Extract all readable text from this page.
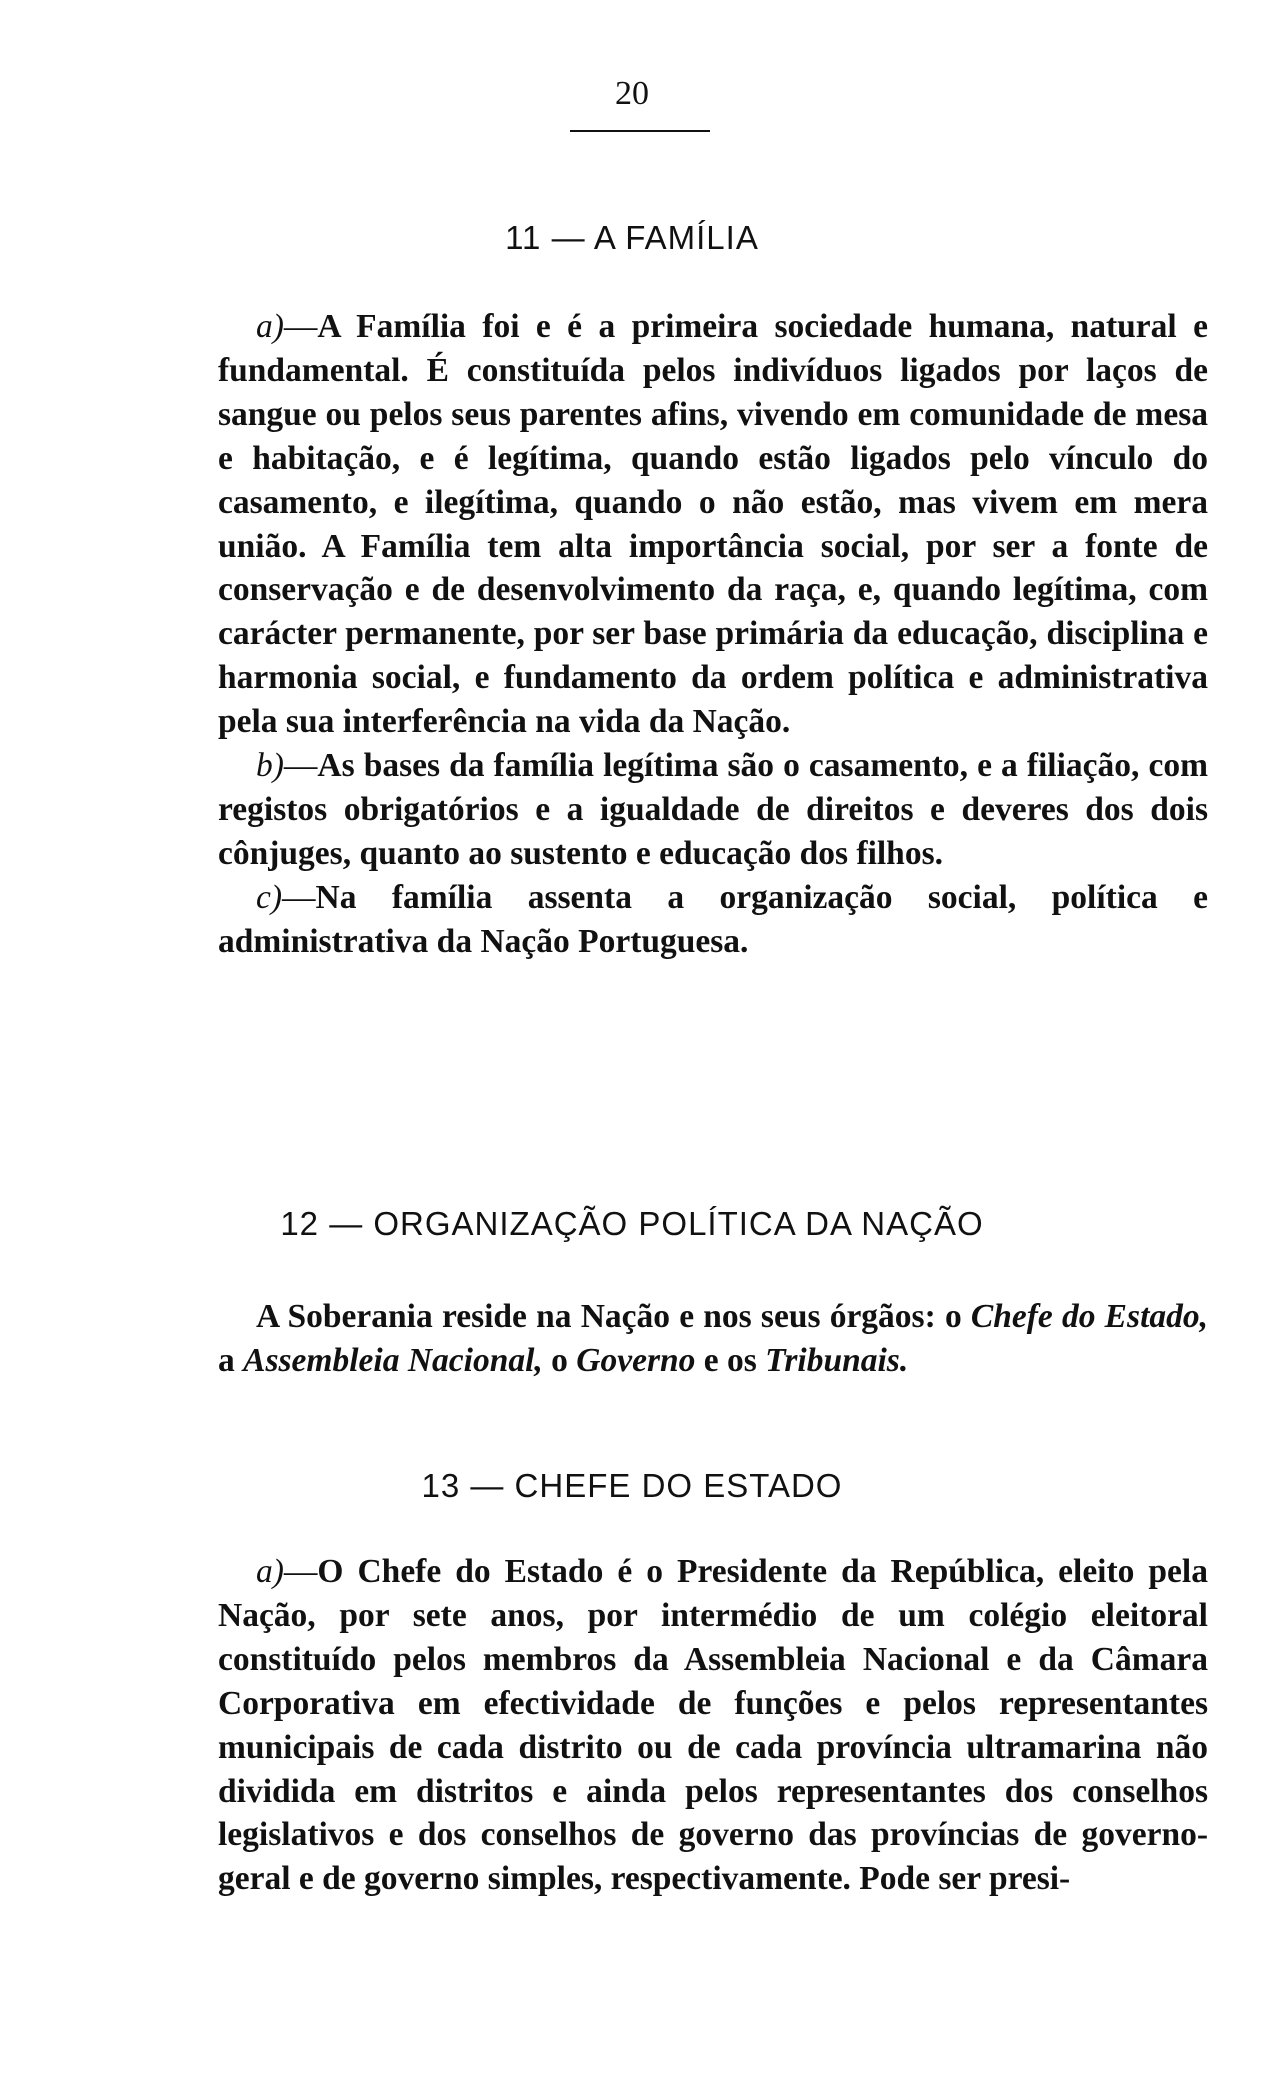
20
11 — A FAMÍLIA

a)—A Família foi e é a primeira sociedade humana, natural e fundamental. É constituída pelos indivíduos ligados por laços de sangue ou pelos seus parentes afins, vivendo em comunidade de mesa e habitação, e é legítima, quando estão ligados pelo vínculo do casamento, e ilegítima, quando o não estão, mas vivem em mera união. A Família tem alta importância social, por ser a fonte de conservação e de desenvolvimento da raça, e, quando legítima, com carácter permanente, por ser base primária da educação, disciplina e harmonia social, e fundamento da ordem política e administrativa pela sua interferência na vida da Nação.

b)—As bases da família legítima são o casamento, e a filiação, com registos obrigatórios e a igualdade de direitos e deveres dos dois cônjuges, quanto ao sustento e educação dos filhos.

c)—Na família assenta a organização social, política e administrativa da Nação Portuguesa.

12 — ORGANIZAÇÃO POLÍTICA DA NAÇÃO

A Soberania reside na Nação e nos seus órgãos: o Chefe do Estado, a Assembleia Nacional, o Governo e os Tribunais.

13 — CHEFE DO ESTADO

a)—O Chefe do Estado é o Presidente da República, eleito pela Nação, por sete anos, por intermédio de um colégio eleitoral constituído pelos membros da Assembleia Nacional e da Câmara Corporativa em efectividade de funções e pelos representantes municipais de cada distrito ou de cada província ultramarina não dividida em distritos e ainda pelos representantes dos conselhos legislativos e dos conselhos de governo das províncias de governo-geral e de governo simples, respectivamente. Pode ser presi-
